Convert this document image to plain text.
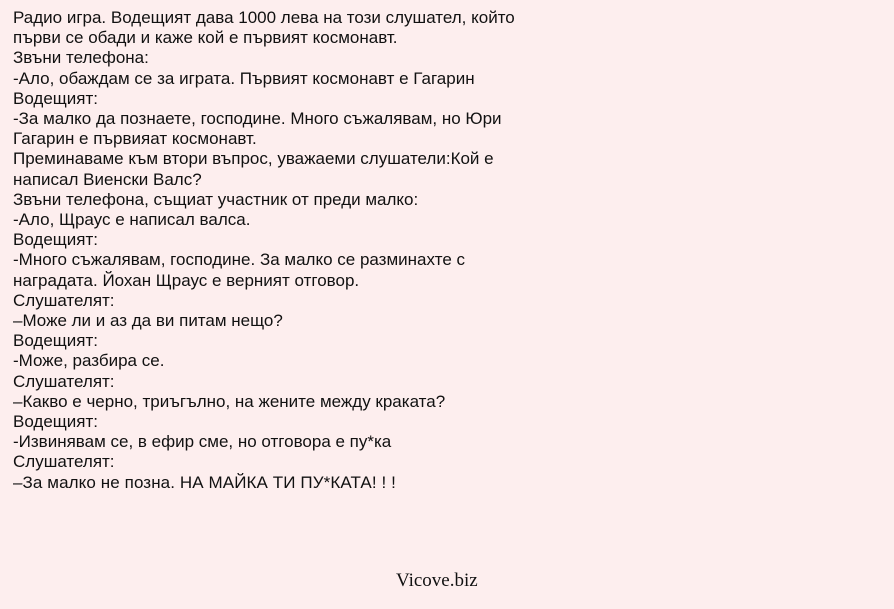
Радио игра. Водещият дава 1000 лева на този слушател, който
първи се обади и каже кой е първият космонавт.
Звъни телефона:
-Ало, обаждам се за играта. Първият космонавт е Гагарин
Водещият:
-За малко да познаете, господине. Много съжалявам, но Юри
Гагарин е първияат космонавт.
Преминаваме към втори въпрос, уважаеми слушатели:Кой е
написал Виенски Валс?
Звъни телефона, същиат участник от преди малко:
-Ало, Щраус е написал валса.
Водещият:
-Много съжалявам, господине. За малко се разминахте с
наградата. Йохан Щраус е верният отговор.
Слушателят:
–Може ли и аз да ви питам нещо?
Водещият:
-Може, разбира се.
Слушателят:
–Какво е черно, триъгълно, на жените между краката?
Водещият:
-Извинявам се, в ефир сме, но отговора е пу*ка
Слушателят:
–За малко не позна. НА МАЙКА ТИ ПУ*КАТА! ! !
Vicove.biz
